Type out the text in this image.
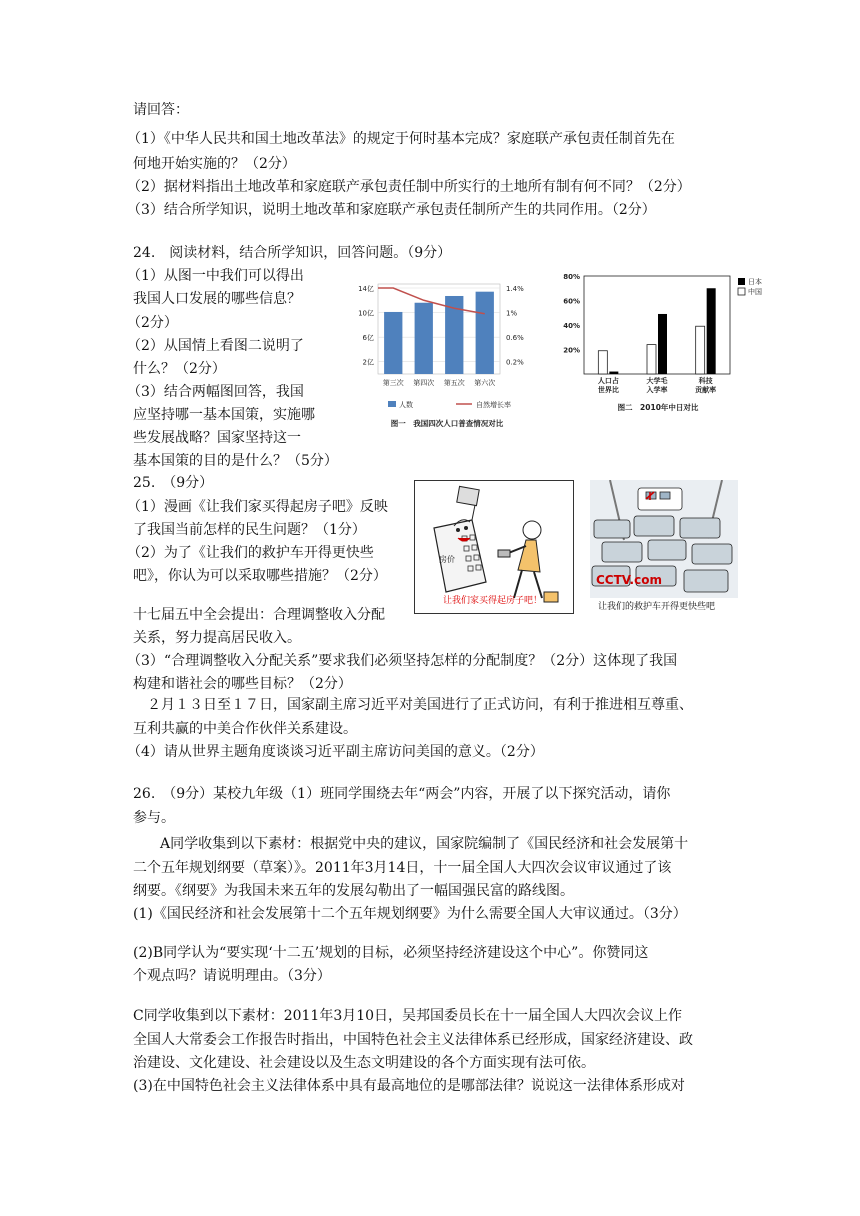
请回答：
（1）《中华人民共和国土地改革法》的规定于何时基本完成？家庭联产承包责任制首先在
何地开始实施的？（2分）
（2）据材料指出土地改革和家庭联产承包责任制中所实行的土地所有制有何不同？（2分）
（3）结合所学知识，说明土地改革和家庭联产承包责任制所产生的共同作用。（2分）
24.　阅读材料，结合所学知识，回答问题。（9分）
（1）从图一中我们可以得出
我国人口发展的哪些信息？
（2分）
（2）从国情上看图二说明了
什么？（2分）
（3）结合两幅图回答，我国
应坚持哪一基本国策，实施哪
些发展战略？国家坚持这一
基本国策的目的是什么？（5分）
25.　（9分）
（1）漫画《让我们家买得起房子吧》反映
了我国当前怎样的民生问题？（1分）
（2）为了《让我们的救护车开得更快些
吧》，你认为可以采取哪些措施？（2分）
十七届五中全会提出：合理调整收入分配
关系，努力提高居民收入。
（3）“合理调整收入分配关系”要求我们必须坚持怎样的分配制度？（2分）这体现了我国
构建和谐社会的哪些目标？（2分）
２月１３日至１７日，国家副主席习近平对美国进行了正式访问，有利于推进相互尊重、
互利共赢的中美合作伙伴关系建设。
（4）请从世界主题角度谈谈习近平副主席访问美国的意义。（2分）
26.　（9分）某校九年级（1）班同学围绕去年“两会”内容，开展了以下探究活动，请你
参与。
A同学收集到以下素材：根据党中央的建议，国家院编制了《国民经济和社会发展第十
二个五年规划纲要（草案）》。2011年3月14日，十一届全国人大四次会议审议通过了该
纲要。《纲要》为我国未来五年的发展勾勒出了一幅国强民富的路线图。
(1)《国民经济和社会发展第十二个五年规划纲要》为什么需要全国人大审议通过。（3分）
(2)B同学认为“要实现‘十二五’规划的目标，必须坚持经济建设这个中心”。你赞同这
个观点吗？请说明理由。（3分）
C同学收集到以下素材：2011年3月10日，吴邦国委员长在十一届全国人大四次会议上作
全国人大常委会工作报告时指出，中国特色社会主义法律体系已经形成，国家经济建设、政
治建设、文化建设、社会建设以及生态文明建设的各个方面实现有法可依。
(3)在中国特色社会主义法律体系中具有最高地位的是哪部法律？说说这一法律体系形成对
2亿	0.2%
6亿	0.6%
10亿	1%
14亿	1.4%
第三次 第四次 第五次 第六次
人数	自然增长率
图一　我国四次人口普查情况对比
20%
40%
60%
80%
人口占
世界比
大学毛
入学率
科技
贡献率
日本
中国
图二　2010年中日对比
房价
让我们家买得起房子吧！
CCTV.com
让我们的救护车开得更快些吧
